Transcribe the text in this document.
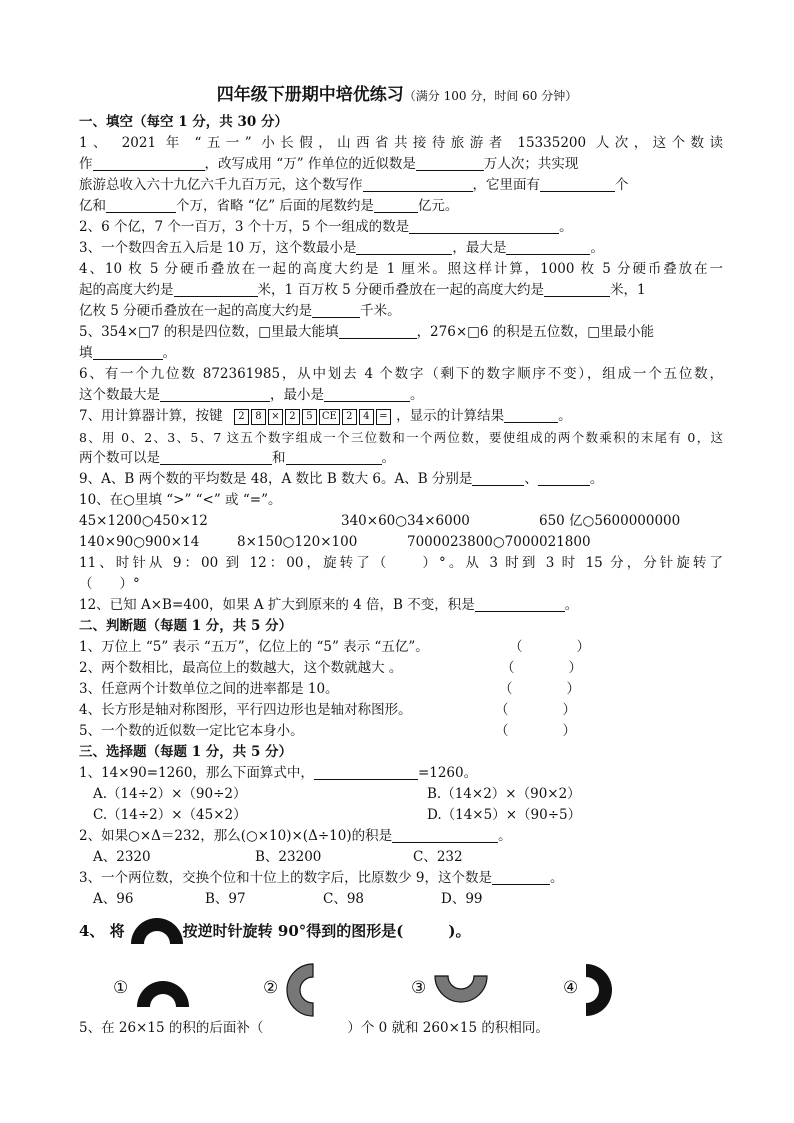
四年级下册期中培优练习（满分 100 分，时间 60 分钟）
一、填空（每空 1 分，共 30 分）
1、 2021 年 “五一” 小长假，山西省共接待旅游者 15335200 人次，这个数读
作	，改写成用 “万” 作单位的近似数是	万人次；共实现
旅游总收入六十九亿六千九百万元，这个数写作	，它里面有	个
亿和	个万，省略 “亿” 后面的尾数约是	亿元。
2、6 个亿，7 个一百万，3 个十万，5 个一组成的数是	。
3、一个数四舍五入后是 10 万，这个数最小是	，最大是	。
4、10 枚 5 分硬币叠放在一起的高度大约是 1 厘米。照这样计算，1000 枚 5 分硬币叠放在一
起的高度大约是	米，1 百万枚 5 分硬币叠放在一起的高度大约是	米，1
亿枚 5 分硬币叠放在一起的高度大约是	千米。
5、354×□7 的积是四位数，□里最大能填	，276×□6 的积是五位数，□里最小能
填	。
6、有一个九位数 872361985，从中划去 4 个数字（剩下的数字顺序不变），组成一个五位数，
这个数最大是	，最小是	。
7、用计算器计算，按键 2 8 × 2 5 CE 2 4 = ，显示的计算结果	。
8、用 0、2、3、5、7 这五个数字组成一个三位数和一个两位数，要使组成的两个数乘积的末尾有 0，这
两个数可以是	和	。
9、A、B 两个数的平均数是 48，A 数比 B 数大 6。A、B 分别是	、	。
10、在○里填 “>” “<” 或 “=”。
45×1200○450×12	340×60○34×6000	650 亿○5600000000
140×90○900×14	8×150○120×100	7000023800○7000021800
11、时针从 9：00 到 12：00，旋转了（　　）°。从 3 时到 3 时 15 分，分针旋转了
（　　）°
12、已知 A×B=400，如果 A 扩大到原来的 4 倍，B 不变，积是	。
二、判断题（每题 1 分，共 5 分）
1、万位上 “5” 表示 “五万”，亿位上的 “5” 表示 “五亿”。	（　　　　）
2、两个数相比，最高位上的数越大，这个数就越大 。	（　　　　）
3、任意两个计数单位之间的进率都是 10。	（　　　　）
4、长方形是轴对称图形，平行四边形也是轴对称图形。	（　　　　）
5、一个数的近似数一定比它本身小。	（　　　　）
三、选择题（每题 1 分，共 5 分）
1、14×90=1260，那么下面算式中，	=1260。
A.（14÷2）×（90÷2）	B.（14×2）×（90×2）
C.（14÷2）×（45×2）	D.（14×5）×（90÷5）
2、如果○×Δ＝232，那么(○×10)×(Δ÷10)的积是	。
A、2320	B、23200	C、232
3、一个两位数，交换个位和十位上的数字后，比原数少 9，这个数是	。
A、96	B、97	C、98	D、99
4、 将	按逆时针旋转 90°得到的图形是(　　　)。
①	②	③	④
5、在 26×15 的积的后面补（	）个 0 就和 260×15 的积相同。
